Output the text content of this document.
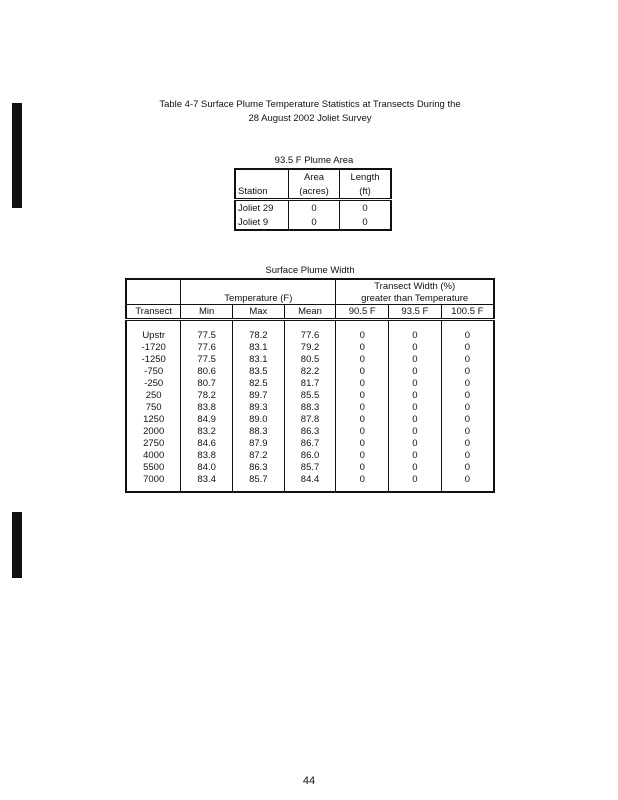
Table 4-7 Surface Plume Temperature Statistics at Transects During the
28 August 2002 Joliet Survey
93.5 F Plume Area
	Area	Length
Station	(acres)	(ft)
Joliet 29	0	0
Joliet 9	0	0
Surface Plume Width
				Transect Width (%)		
	Temperature (F)			greater than Temperature		
Transect	Min	Max	Mean	90.5 F	93.5 F	100.5 F

Upstr	77.5	78.2	77.6	0	0	0
-1720	77.6	83.1	79.2	0	0	0
-1250	77.5	83.1	80.5	0	0	0
-750	80.6	83.5	82.2	0	0	0
-250	80.7	82.5	81.7	0	0	0
250	78.2	89.7	85.5	0	0	0
750	83.8	89.3	88.3	0	0	0
1250	84.9	89.0	87.8	0	0	0
2000	83.2	88.3	86.3	0	0	0
2750	84.6	87.9	86.7	0	0	0
4000	83.8	87.2	86.0	0	0	0
5500	84.0	86.3	85.7	0	0	0
7000	83.4	85.7	84.4	0	0	0

44
